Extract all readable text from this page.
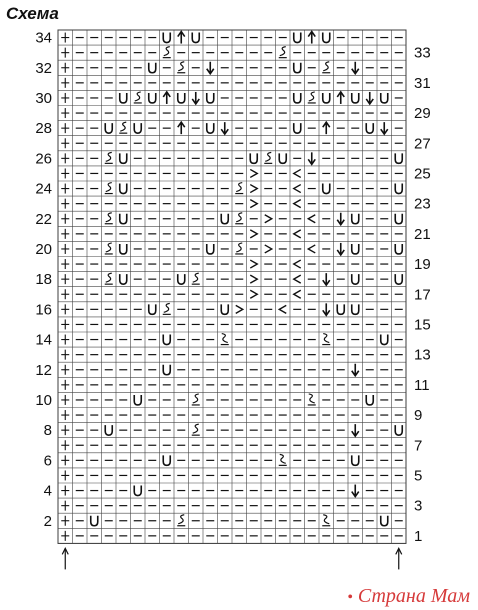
Схема
34
32
30
28
26
24
22
20
18
16
14
12
10
8
6
4
2
33
31
29
27
25
23
21
19
17
15
13
11
9
7
5
3
1
• Страна Мам
